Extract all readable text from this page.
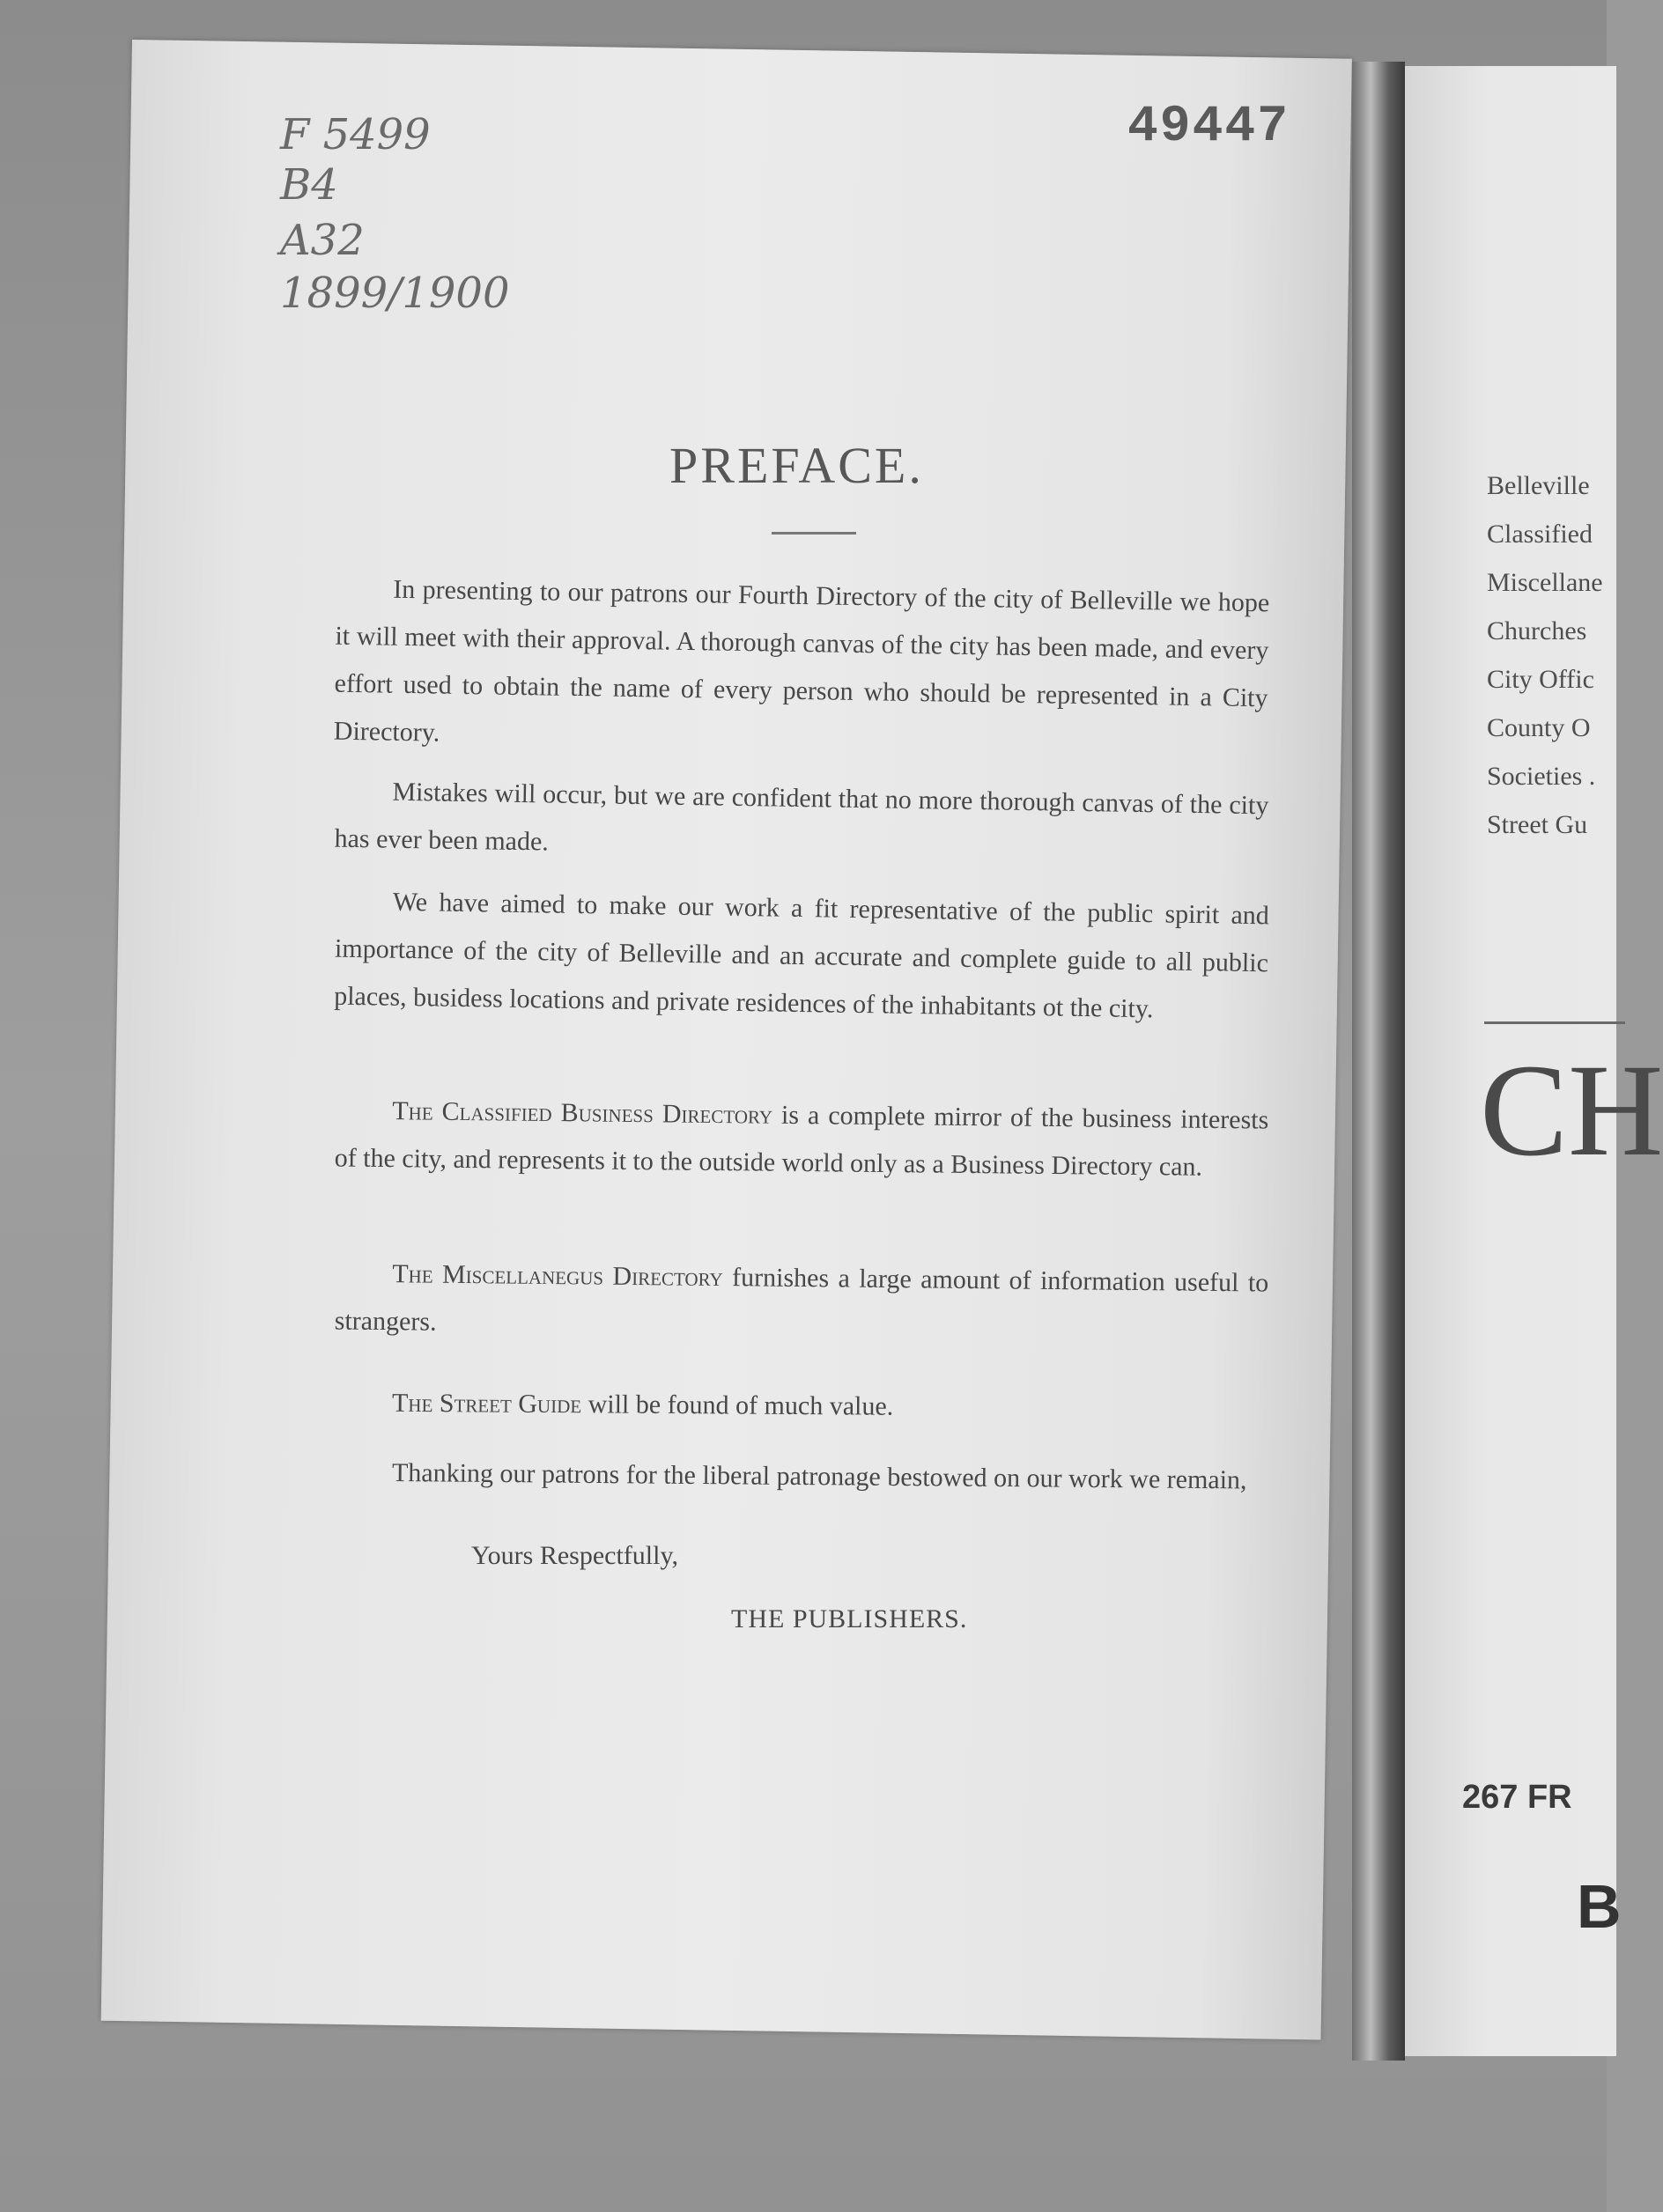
49447
F 5499
B4
A32
1899/1900
PREFACE.
In presenting to our patrons our Fourth Directory of the city of Belleville we hope it will meet with their approval. A thorough canvas of the city has been made, and every effort used to obtain the name of every person who should be represented in a City Directory.
Mistakes will occur, but we are confident that no more thorough canvas of the city has ever been made.
We have aimed to make our work a fit representative of the public spirit and importance of the city of Belleville and an accurate and complete guide to all public places, busidess locations and private residences of the inhabitants ot the city.
The Classified Business Directory is a complete mirror of the business interests of the city, and represents it to the outside world only as a Business Directory can.
The Miscellanegus Directory furnishes a large amount of information useful to strangers.
The Street Guide will be found of much value.
Thanking our patrons for the liberal patronage bestowed on our work we remain,
Yours Respectfully,
THE PUBLISHERS.
Belleville
Classified
Miscellane
Churches
City Offic
County O
Societies .
Street Gu
CH
267 FR
B
